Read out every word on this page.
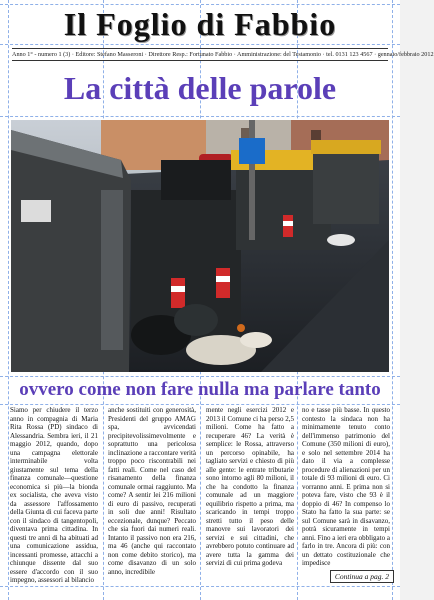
Il Foglio di Fabbio
Anno 1° - numero 1 (3) · Editore: Stefano Masseroni · Direttore Resp.: Fortunato Fabbio · Amministrazione: del Testamonio · tel. 0131 123 4567 · gennaio/febbraio 2012
La città delle parole
ovvero come non fare nulla ma parlare tanto
Siamo per chiudere il terzo anno in compagnia di Maria Rita Rossa (PD) sindaco di Alessandria. Sembra ieri, il 21 maggio 2012, quando, dopo una campagna elettorale interminabile volta giustamente sul tema della finanza comunale—questione economica si più—la bionda ex socialista, che aveva visto da assessore l'affossamento della Giunta di cui faceva parte con il sindaco di tangentopoli, diventava prima cittadina. In questi tre anni di ha abituati ad una comunicazione assidua, incessanti promesse, attacchi a chiunque dissente dal suo essere d'accordo con il suo impegno, assessori al bilancio
anche sostituiti con generosità, Presidenti del gruppo AMAG spa, avvicendati precipitevolissimevolmente e soprattutto una pericolosa inclinazione a raccontare verità troppo poco riscontrabili nei fatti reali. Come nel caso del risanamento della finanza comunale ormai raggiunto. Ma come? A sentir lei 216 milioni di euro di passivo, recuperati in soli due anni! Risultato eccezionale, dunque? Peccato che sia fuori dai numeri reali. Intanto il passivo non era 216, ma 46 (anche qui raccontato non come debito storico), ma come disavanzo di un solo anno, incredibile
mente negli esercizi 2012 e 2013 il Comune ci ha perso 2,5 milioni. Come ha fatto a recuperare 46? La verità è semplice: le Rossa, attraverso un percorso opinabile, ha tagliato servizi e chiesto di più alle gente: le entrate tributarie sono intorno agli 80 milioni, il che ha condotto la finanza comunale ad un maggiore equilibrio rispetto a prima, ma scaricando in tempi troppo stretti tutto il peso delle manovre sui lavoratori dei servizi e sui cittadini, che avrebbero potuto continuare ad avere tutta la gamma dei servizi di cui prima godeva
no e tasse più basse. In questo contesto la sindaca non ha minimamente tenuto conto dell'immenso patrimonio del Comune (350 milioni di euro), e solo nel settembre 2014 ha dato il via a complesse procedure di alienazioni per un totale di 93 milioni di euro. Ci vorranno anni. E prima non si poteva fare, visto che 93 è il doppio di 46? In compenso lo Stato ha fatto la sua parte: se sul Comune sarà in disavanzo, potrà sicuramente in tempi anni. Fino a ieri era obbligato a farlo in tre. Ancora di più: con un dettato costituzionale che impedisce
Continua a pag. 2
